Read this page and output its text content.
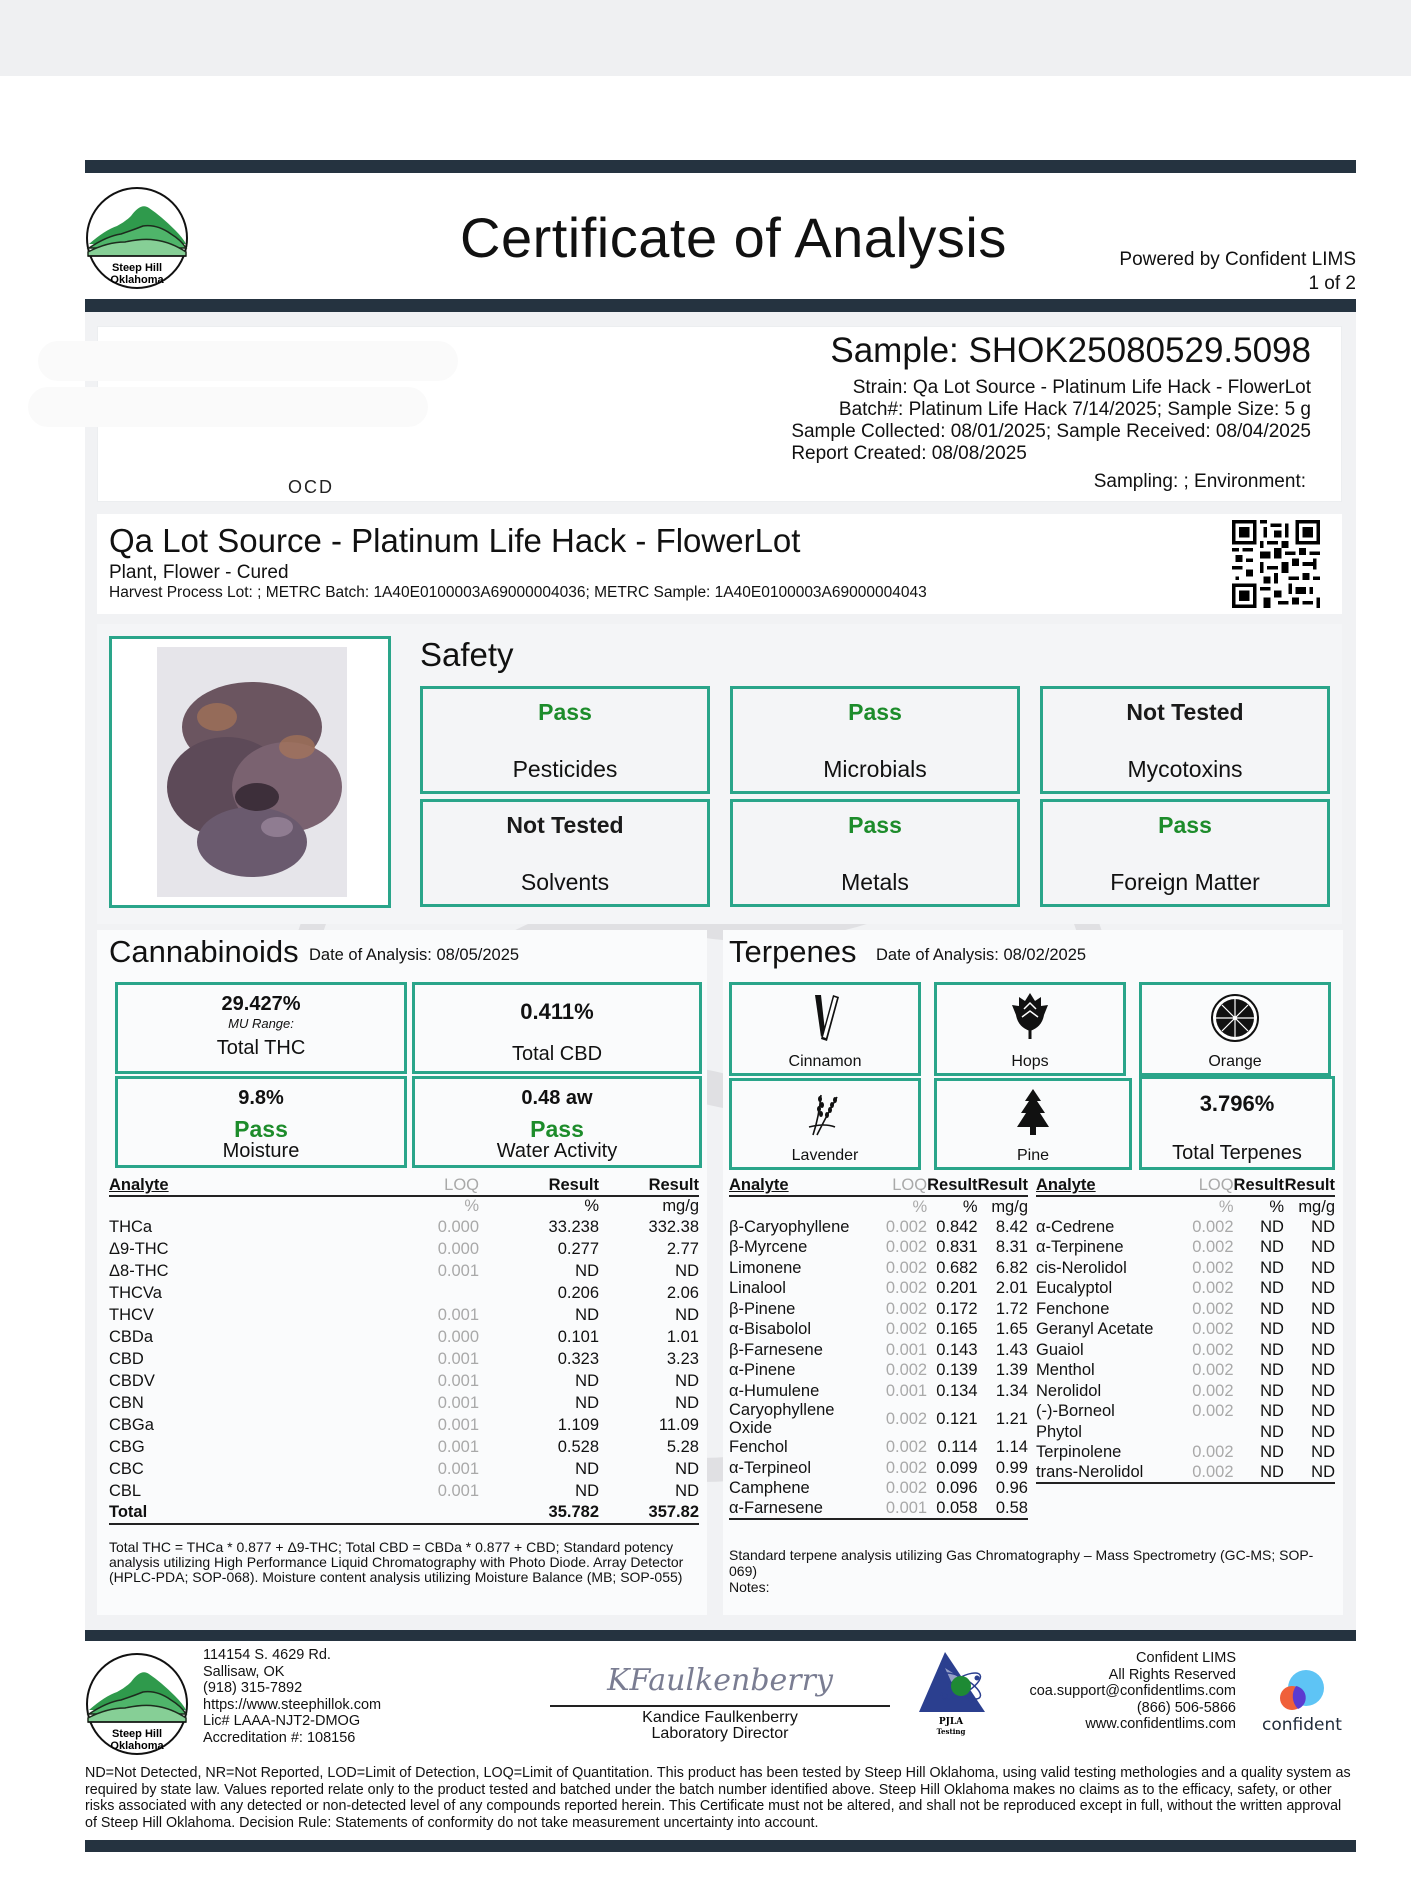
Steep Hill
Oklahoma
Certificate of Analysis	Powered by Confident LIMS
1 of 2
OCD
Sample: SHOK25080529.5098
Strain: Qa Lot Source - Platinum Life Hack - FlowerLot
Batch#: Platinum Life Hack 7/14/2025; Sample Size: 5 g
Sample Collected: 08/01/2025; Sample Received: 08/04/2025
Report Created: 08/08/2025
Sampling: ; Environment:
Qa Lot Source - Platinum Life Hack - FlowerLot
Plant, Flower - Cured
Harvest Process Lot: ; METRC Batch: 1A40E0100003A69000004036; METRC Sample: 1A40E0100003A69000004043
Safety
Pass
Pesticides
Pass
Microbials
Not Tested
Mycotoxins
Not Tested
Solvents
Pass
Metals
Pass
Foreign Matter
Cannabinoids Date of Analysis: 08/05/2025
29.427%
MU Range:
Total THC
0.411%
Total CBD
9.8%
Pass
Moisture
0.48 aw
Pass
Water Activity
Analyte	LOQ	Result	Result
	%	%	mg/g
THCa	0.000	33.238	332.38
Δ9-THC	0.000	0.277	2.77
Δ8-THC	0.001	ND	ND
THCVa		0.206	2.06
THCV	0.001	ND	ND
CBDa	0.000	0.101	1.01
CBD	0.001	0.323	3.23
CBDV	0.001	ND	ND
CBN	0.001	ND	ND
CBGa	0.001	1.109	11.09
CBG	0.001	0.528	5.28
CBC	0.001	ND	ND
CBL	0.001	ND	ND
Total		35.782	357.82
Total THC = THCa * 0.877 + Δ9-THC; Total CBD = CBDa * 0.877 + CBD; Standard potency analysis utilizing High Performance Liquid Chromatography with Photo Diode. Array Detector (HPLC-PDA; SOP-068). Moisture content analysis utilizing Moisture Balance (MB; SOP-055)
Terpenes Date of Analysis: 08/02/2025
Cinnamon	Hops	Orange
Lavender	Pine
3.796%
Total Terpenes
Analyte	LOQ	Result	Result
	%	%	mg/g
β-Caryophyllene	0.002	0.842	8.42
β-Myrcene	0.002	0.831	8.31
Limonene	0.002	0.682	6.82
Linalool	0.002	0.201	2.01
β-Pinene	0.002	0.172	1.72
α-Bisabolol	0.002	0.165	1.65
β-Farnesene	0.001	0.143	1.43
α-Pinene	0.002	0.139	1.39
α-Humulene	0.001	0.134	1.34
Caryophyllene Oxide	0.002	0.121	1.21
Fenchol	0.002	0.114	1.14
α-Terpineol	0.002	0.099	0.99
Camphene	0.002	0.096	0.96
α-Farnesene	0.001	0.058	0.58
Analyte	LOQ	Result	Result
	%	%	mg/g
α-Cedrene	0.002	ND	ND
α-Terpinene	0.002	ND	ND
cis-Nerolidol	0.002	ND	ND
Eucalyptol	0.002	ND	ND
Fenchone	0.002	ND	ND
Geranyl Acetate	0.002	ND	ND
Guaiol	0.002	ND	ND
Menthol	0.002	ND	ND
Nerolidol	0.002	ND	ND
(-)-Borneol	0.002	ND	ND
Phytol		ND	ND
Terpinolene	0.002	ND	ND
trans-Nerolidol	0.002	ND	ND
Standard terpene analysis utilizing Gas Chromatography – Mass Spectrometry (GC-MS; SOP-069)
Notes:
Steep Hill
Oklahoma
114154 S. 4629 Rd.
Sallisaw, OK
(918) 315-7892
https://www.steephillok.com
Lic# LAAA-NJT2-DMOG
Accreditation #: 108156
KFaulkenberry
Kandice Faulkenberry
Laboratory Director
PJLA
Testing
Confident LIMS
All Rights Reserved
coa.support@confidentlims.com
(866) 506-5866
www.confidentlims.com confident
ND=Not Detected, NR=Not Reported, LOD=Limit of Detection, LOQ=Limit of Quantitation. This product has been tested by Steep Hill Oklahoma, using valid testing methologies and a quality system as required by state law. Values reported relate only to the product tested and batched under the batch number identified above. Steep Hill Oklahoma makes no claims as to the efficacy, safety, or other risks associated with any detected or non-detected level of any compounds reported herein. This Certificate must not be altered, and shall not be reproduced except in full, without the written approval of Steep Hill Oklahoma. Decision Rule: Statements of conformity do not take measurement uncertainty into account.
